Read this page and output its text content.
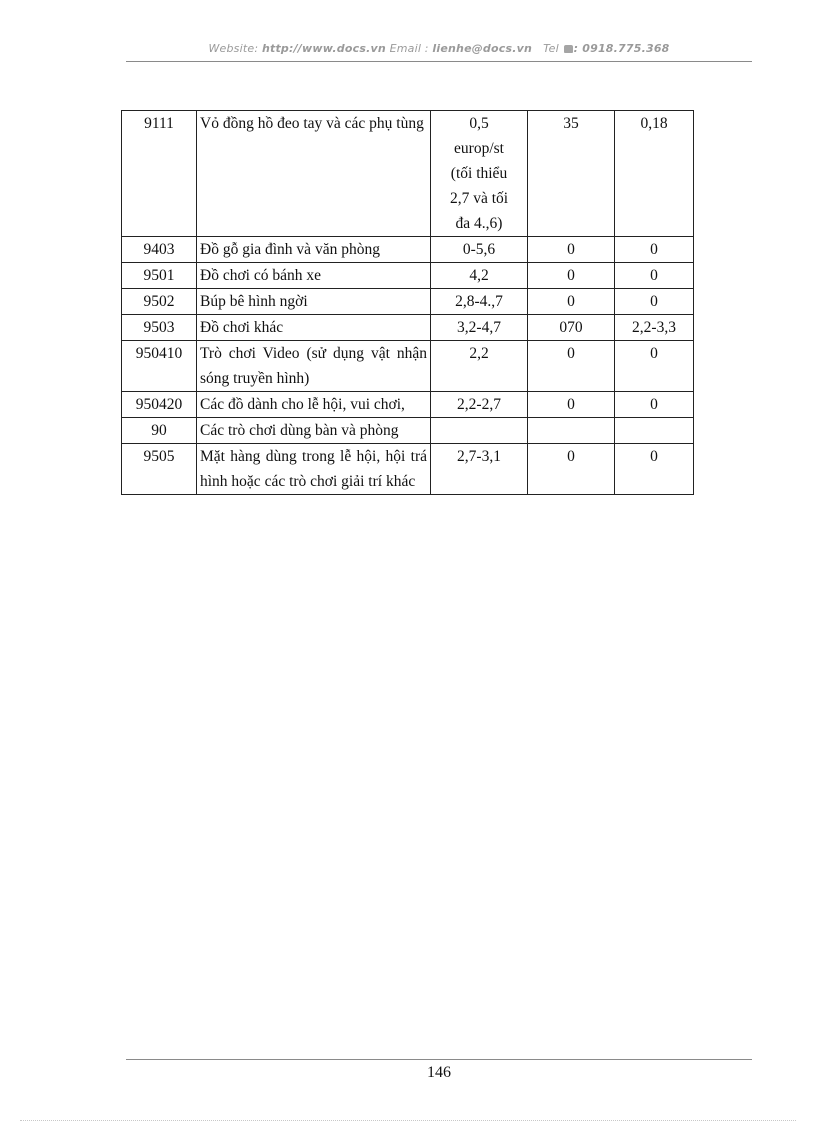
Website: http://www.docs.vn Email : lienhe@docs.vn Tel : 0918.775.368
9111	Vỏ đồng hồ đeo tay và các phụ tùng	0,5 europ/st (tối thiểu 2,7 và tối đa 4.,6)	35	0,18
9403	Đồ gỗ gia đình và văn phòng	0-5,6	0	0
9501	Đồ chơi có bánh xe	4,2	0	0
9502	Búp bê hình ngời	2,8-4.,7	0	0
9503	Đồ chơi khác	3,2-4,7	070	2,2-3,3
950410	Trò chơi Video (sử dụng vật nhận sóng truyền hình)	2,2	0	0
950420	Các đồ dành cho lễ hội, vui chơi,	2,2-2,7	0	0
90	Các trò chơi dùng bàn và phòng			
9505	Mặt hàng dùng trong lễ hội, hội trá hình hoặc các trò chơi giải trí khác	2,7-3,1	0	0
146
